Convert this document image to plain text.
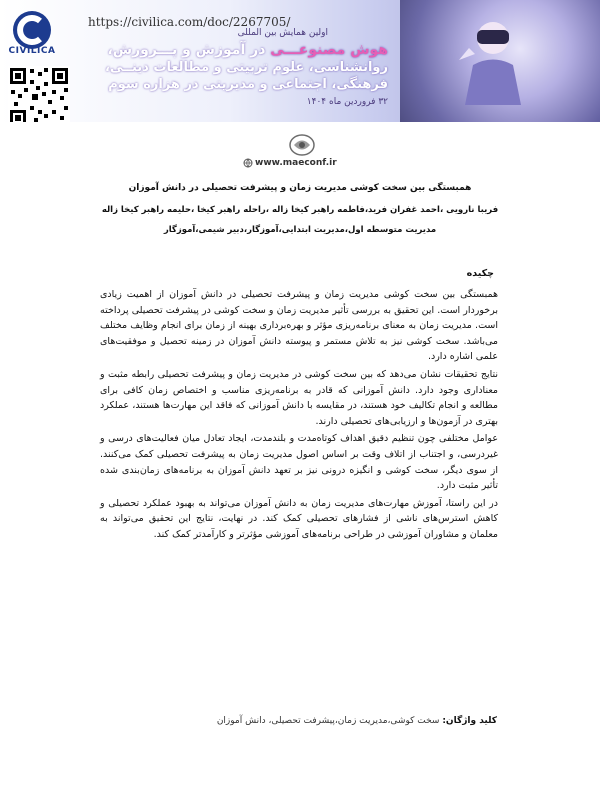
CIVILICA
https://civilica.com/doc/2267705/
اولین همایش بین المللی
هوش مصنوعـــی در آموزش و پـــرورش،
روانشناسی، علوم تربیتی و مطالعات دینــی،
فرهنگی، اجتماعی و مدیریتی در هزاره سوم
۳۲ فروردین ماه ۱۴۰۴
www.maeconf.ir
همبستگی بین سخت کوشی مدیریت زمان و پیشرفت تحصیلی در دانش آموزان
فریبا نارویی ،احمد غفران فرید،فاطمه راهبر کیخا زاله ،راحله راهبر کیخا ،حلیمه راهبر کیخا زاله
مدیریت متوسطه اول،مدیریت ابتدایی،آموزگار،دبیر شیمی،آموزگار
چکیده

همبستگی بین سخت کوشی مدیریت زمان و پیشرفت تحصیلی در دانش آموزان از اهمیت زیادی برخوردار است. این تحقیق به بررسی تأثیر مدیریت زمان و سخت کوشی در پیشرفت تحصیلی پرداخته است. مدیریت زمان به معنای برنامه‌ریزی مؤثر و بهره‌برداری بهینه از زمان برای انجام وظایف مختلف می‌باشد. سخت کوشی نیز به تلاش مستمر و پیوسته دانش آموزان در زمینه تحصیل و موفقیت‌های علمی اشاره دارد.

نتایج تحقیقات نشان می‌دهد که بین سخت کوشی در مدیریت زمان و پیشرفت تحصیلی رابطه مثبت و معناداری وجود دارد. دانش آموزانی که قادر به برنامه‌ریزی مناسب و اختصاص زمان کافی برای مطالعه و انجام تکالیف خود هستند، در مقایسه با دانش آموزانی که فاقد این مهارت‌ها هستند، عملکرد بهتری در آزمون‌ها و ارزیابی‌های تحصیلی دارند.

عوامل مختلفی چون تنظیم دقیق اهداف کوتاه‌مدت و بلندمدت، ایجاد تعادل میان فعالیت‌های درسی و غیردرسی، و اجتناب از اتلاف وقت بر اساس اصول مدیریت زمان به پیشرفت تحصیلی کمک می‌کنند. از سوی دیگر، سخت کوشی و انگیزه درونی نیز بر تعهد دانش آموزان به برنامه‌های زمان‌بندی شده تأثیر مثبت دارد.

در این راستا، آموزش مهارت‌های مدیریت زمان به دانش آموزان می‌تواند به بهبود عملکرد تحصیلی و کاهش استرس‌های ناشی از فشارهای تحصیلی کمک کند. در نهایت، نتایج این تحقیق می‌تواند به معلمان و مشاوران آموزشی در طراحی برنامه‌های آموزشی مؤثرتر و کارآمدتر کمک کند.

کلید واژگان: سخت کوشی،مدیریت زمان،پیشرفت تحصیلی، دانش آموزان
